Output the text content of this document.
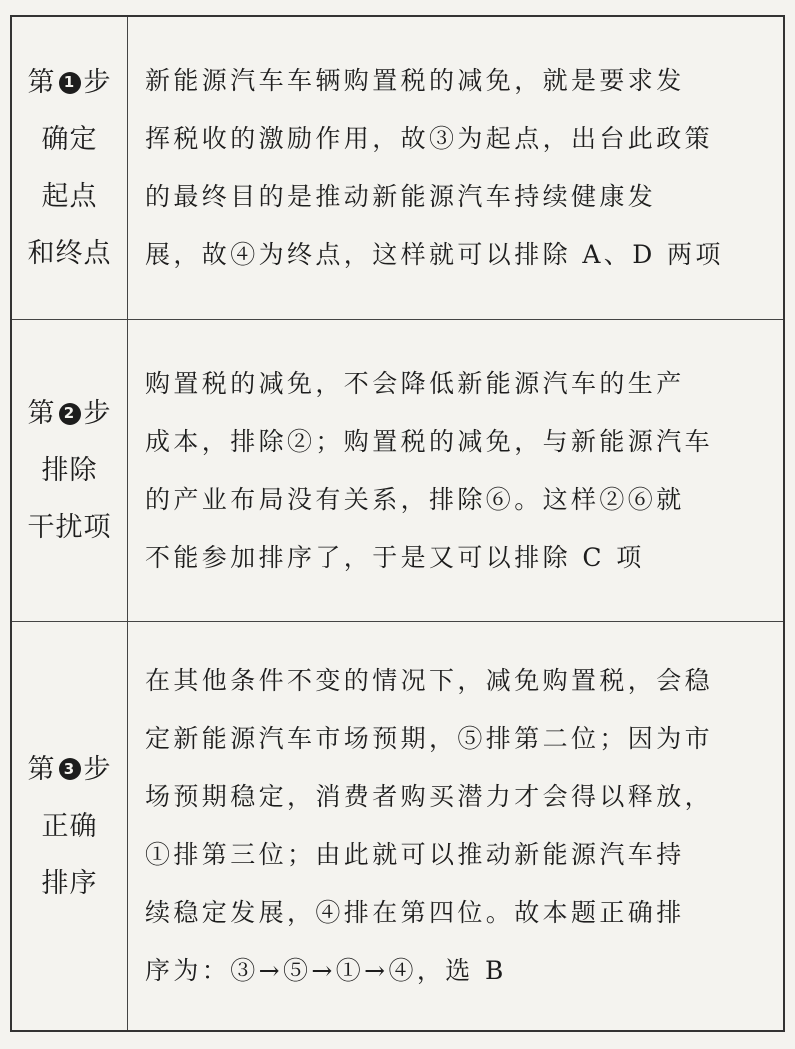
第 1 步
确定
起点
和终点
新能源汽车车辆购置税的减免，就是要求发
挥税收的激励作用，故③为起点，出台此政策
的最终目的是推动新能源汽车持续健康发
展，故④为终点，这样就可以排除 A、D 两项
第 2 步
排除
干扰项
购置税的减免，不会降低新能源汽车的生产
成本，排除②；购置税的减免，与新能源汽车
的产业布局没有关系，排除⑥。这样②⑥就
不能参加排序了，于是又可以排除 C 项
第 3 步
正确
排序
在其他条件不变的情况下，减免购置税，会稳
定新能源汽车市场预期，⑤排第二位；因为市
场预期稳定，消费者购买潜力才会得以释放，
①排第三位；由此就可以推动新能源汽车持
续稳定发展，④排在第四位。故本题正确排
序为：③→⑤→①→④，选 B
